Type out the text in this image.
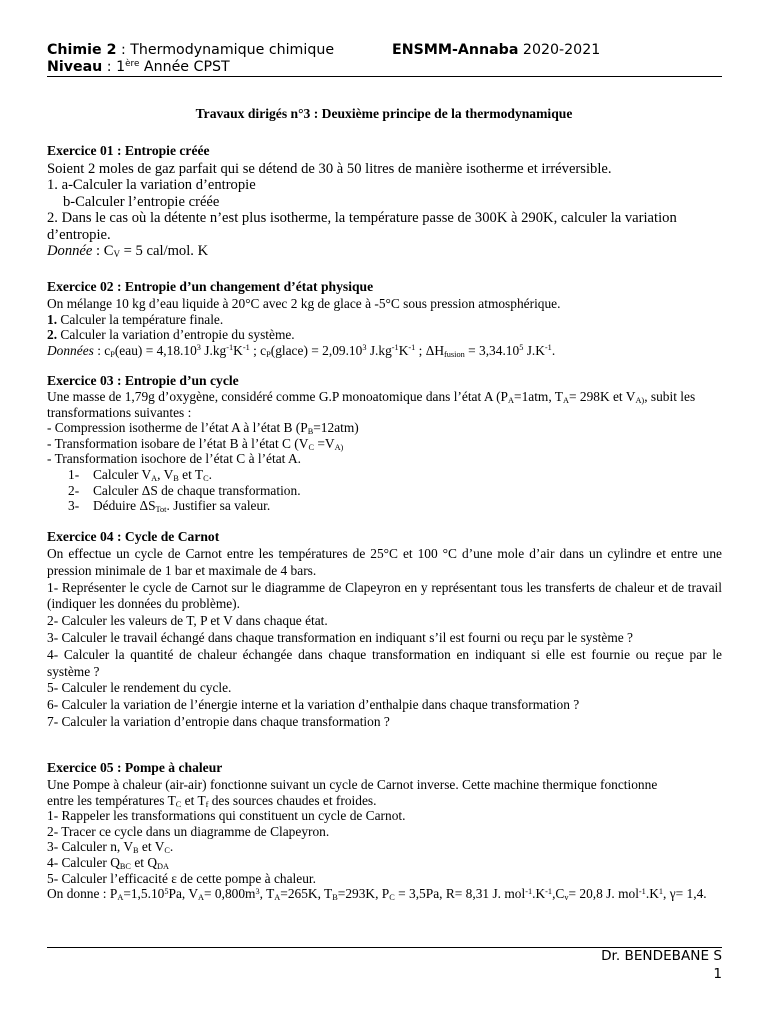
Chimie 2 : Thermodynamique chimique	ENSMM-Annaba 2020-2021
Niveau : 1ère Année CPST
Travaux dirigés n°3 : Deuxième principe de la thermodynamique
Exercice 01 : Entropie créée

Soient 2 moles de gaz parfait qui se détend de 30 à 50 litres de manière isotherme et irréversible.

1. a-Calculer la variation d’entropie

b-Calculer l’entropie créée

2. Dans le cas où la détente n’est plus isotherme, la température passe de 300K à 290K, calculer la variation d’entropie.

Donnée : $C_V = 5$ cal/mol. K

Exercice 02 : Entropie d’un changement d’état physique

On mélange 10 kg d’eau liquide à 20°C avec 2 kg de glace à -5°C sous pression atmosphérique.

1. Calculer la température finale.

2. Calculer la variation d’entropie du système.

Données : $c_P(eau) = 4,18.10^3$ $J.kg^{-1}K^{-1}$ ; $c_P(glace) = 2,09.10^3$ $J.kg^{-1}K^{-1}$ ; $\Delta H_{fusion} = 3,34.10^5$ $J.K^{-1}$.

Exercice 03 : Entropie d’un cycle

Une masse de 1,79g d’oxygène, considéré comme G.P monoatomique dans l’état A ($P_A=1atm$, $T_A= 298K$ et $V_{A)}$, subit les transformations suivantes :

- Compression isotherme de l’état A à l’état B $(P_B=12atm)$

- Transformation isobare de l’état B à l’état C ($V_C =V_{A)}$

- Transformation isochore de l’état C à l’état A.

1- Calculer $V_A$, $V_B$ et $T_C$.

2- Calculer ΔS de chaque transformation.

3- Déduire $\Delta S_{Tot}$. Justifier sa valeur.

Exercice 04 : Cycle de Carnot

On effectue un cycle de Carnot entre les températures de 25°C et 100 °C d’une mole d’air dans un cylindre et entre une pression minimale de 1 bar et maximale de 4 bars.

1- Représenter le cycle de Carnot sur le diagramme de Clapeyron en y représentant tous les transferts de chaleur et de travail (indiquer les données du problème).

2- Calculer les valeurs de T, P et V dans chaque état.

3- Calculer le travail échangé dans chaque transformation en indiquant s’il est fourni ou reçu par le système ?

4- Calculer la quantité de chaleur échangée dans chaque transformation en indiquant si elle est fournie ou reçue par le système ?

5- Calculer le rendement du cycle.

6- Calculer la variation de l’énergie interne et la variation d’enthalpie dans chaque transformation ?

7- Calculer la variation d’entropie dans chaque transformation ?

Exercice 05 : Pompe à chaleur

Une Pompe à chaleur (air-air) fonctionne suivant un cycle de Carnot inverse. Cette machine thermique fonctionne

entre les températures $T_C$ et $T_f$ des sources chaudes et froides.

1- Rappeler les transformations qui constituent un cycle de Carnot.

2- Tracer ce cycle dans un diagramme de Clapeyron.

3- Calculer n, $V_B$ et $V_C$.

4- Calculer $Q_{BC}$ et $Q_{DA}$

5- Calculer l’efficacité ε de cette pompe à chaleur.

On donne : $P_A=1,5.10^5Pa$, $V_A= 0,800m^3$, $T_A=265K$, $T_B=293K$, $P_C = 3,5Pa$, R= 8,31 J. $mol^{-1}.K^{-1},C_v= 20,8$ J. $mol^{-1}.K^1$, γ= 1,4.

Dr. BENDEBANE S
1
